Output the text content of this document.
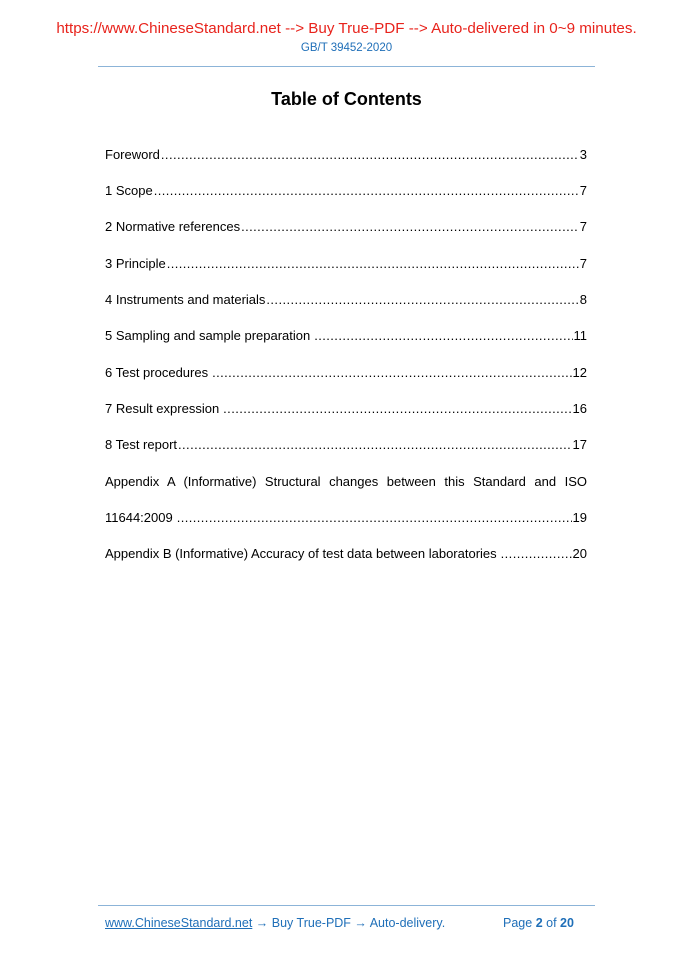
https://www.ChineseStandard.net --> Buy True-PDF --> Auto-delivered in 0~9 minutes.
GB/T 39452-2020
Table of Contents
Foreword .....	3
1 Scope .....	7
2 Normative references .....	7
3 Principle .....	7
4 Instruments and materials .....	8
5 Sampling and sample preparation .....	11
6 Test procedures .....	12
7 Result expression .....	16
8 Test report .....	17
Appendix A (Informative) Structural changes between this Standard and ISO
11644:2009 .....	19
Appendix B (Informative) Accuracy of test data between laboratories .....	20
www.ChineseStandard.net → Buy True-PDF → Auto-delivery.	Page 2 of 20
